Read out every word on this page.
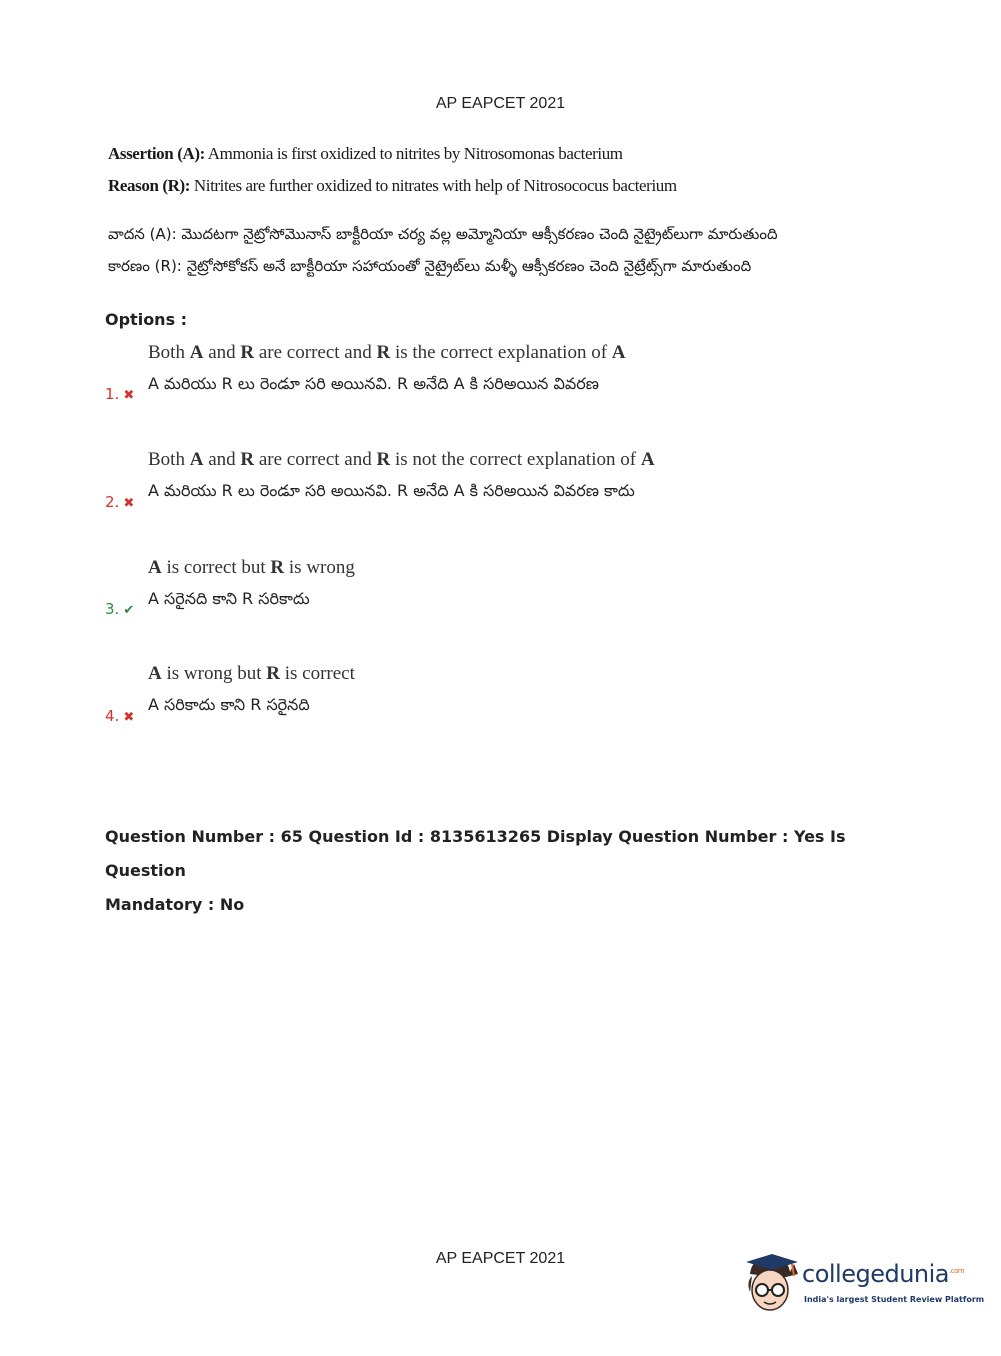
AP EAPCET 2021
Assertion (A): Ammonia is first oxidized to nitrites by Nitrosomonas bacterium
Reason (R): Nitrites are further oxidized to nitrates with help of Nitrosococus bacterium
వాదన (A): మొదటగా నైట్రోసోమొనాస్ బాక్టీరియా చర్య వల్ల అమ్మోనియా ఆక్సీకరణం చెంది నైట్రైట్‌లుగా మారుతుంది
కారణం (R): నైట్రోసోకోకస్ అనే బాక్టీరియా సహాయంతో నైట్రైట్‌లు మళ్ళీ ఆక్సీకరణం చెంది నైట్రేట్స్‌గా మారుతుంది
Options :
Both A and R are correct and R is the correct explanation of A
A మరియు R లు రెండూ సరి అయినవి. R అనేది A కి సరిఅయిన వివరణ
1. ✖
Both A and R are correct and R is not the correct explanation of A
A మరియు R లు రెండూ సరి అయినవి. R అనేది A కి సరిఅయిన వివరణ కాదు
2. ✖
A is correct but R is wrong
A సరైనది కాని R సరికాదు
3. ✔
A is wrong but R is correct
A సరికాదు కాని R సరైనది
4. ✖
Question Number : 65 Question Id : 8135613265 Display Question Number : Yes Is Question
Mandatory : No
AP EAPCET 2021
collegedunia$^{.com}$
India's largest Student Review Platform
